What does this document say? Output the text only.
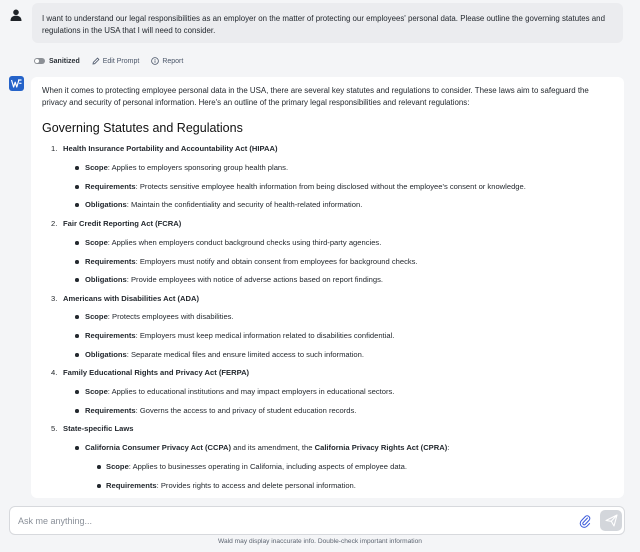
I want to understand our legal responsibilities as an employer on the matter of protecting our employees' personal data. Please outline the governing statutes and regulations in the USA that I will need to consider.
Sanitized	Edit Prompt	Report
When it comes to protecting employee personal data in the USA, there are several key statutes and regulations to consider. These laws aim to safeguard the privacy and security of personal information. Here's an outline of the primary legal responsibilities and relevant regulations:
Governing Statutes and Regulations
1. Health Insurance Portability and Accountability Act (HIPAA)
Scope: Applies to employers sponsoring group health plans.
Requirements: Protects sensitive employee health information from being disclosed without the employee's consent or knowledge.
Obligations: Maintain the confidentiality and security of health-related information.
2. Fair Credit Reporting Act (FCRA)
Scope: Applies when employers conduct background checks using third-party agencies.
Requirements: Employers must notify and obtain consent from employees for background checks.
Obligations: Provide employees with notice of adverse actions based on report findings.
3. Americans with Disabilities Act (ADA)
Scope: Protects employees with disabilities.
Requirements: Employers must keep medical information related to disabilities confidential.
Obligations: Separate medical files and ensure limited access to such information.
4. Family Educational Rights and Privacy Act (FERPA)
Scope: Applies to educational institutions and may impact employers in educational sectors.
Requirements: Governs the access to and privacy of student education records.
5. State-specific Laws
California Consumer Privacy Act (CCPA) and its amendment, the California Privacy Rights Act (CPRA):
Scope: Applies to businesses operating in California, including aspects of employee data.
Requirements: Provides rights to access and delete personal information.
Ask me anything...
Wald may display inaccurate info. Double-check important information
